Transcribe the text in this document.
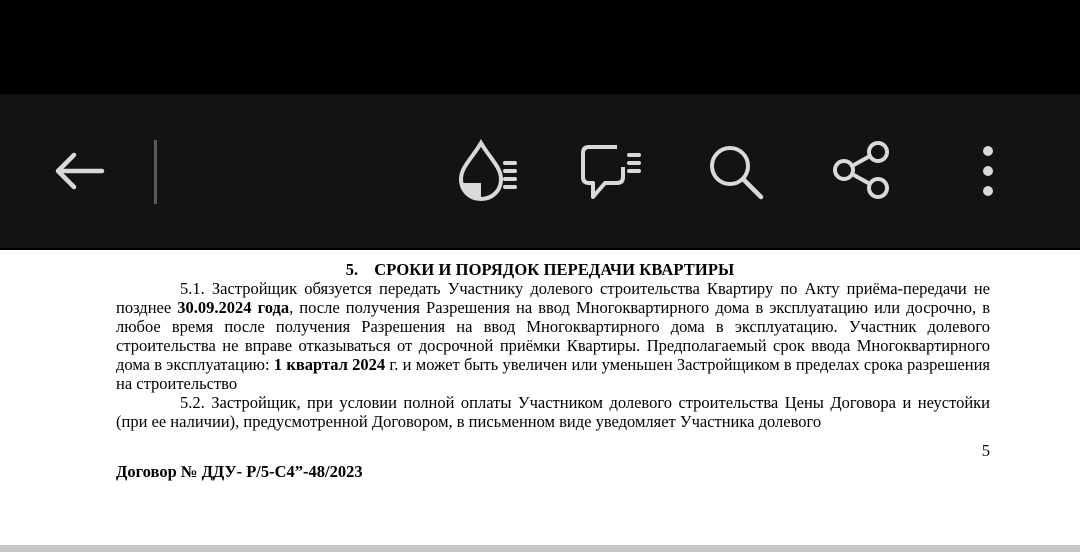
5. СРОКИ И ПОРЯДОК ПЕРЕДАЧИ КВАРТИРЫ
5.1. Застройщик обязуется передать Участнику долевого строительства Квартиру по Акту приёма-передачи не позднее 30.09.2024 года, после получения Разрешения на ввод Многоквартирного дома в эксплуатацию или досрочно, в любое время после получения Разрешения на ввод Многоквартирного дома в эксплуатацию. Участник долевого строительства не вправе отказываться от досрочной приёмки Квартиры. Предполагаемый срок ввода Многоквартирного дома в эксплуатацию: 1 квартал 2024 г. и может быть увеличен или уменьшен Застройщиком в пределах срока разрешения на строительство
5.2. Застройщик, при условии полной оплаты Участником долевого строительства Цены Договора и неустойки (при ее наличии), предусмотренной Договором, в письменном виде уведомляет Участника долевого
5
Договор № ДДУ- Р/5-С4”-48/2023
